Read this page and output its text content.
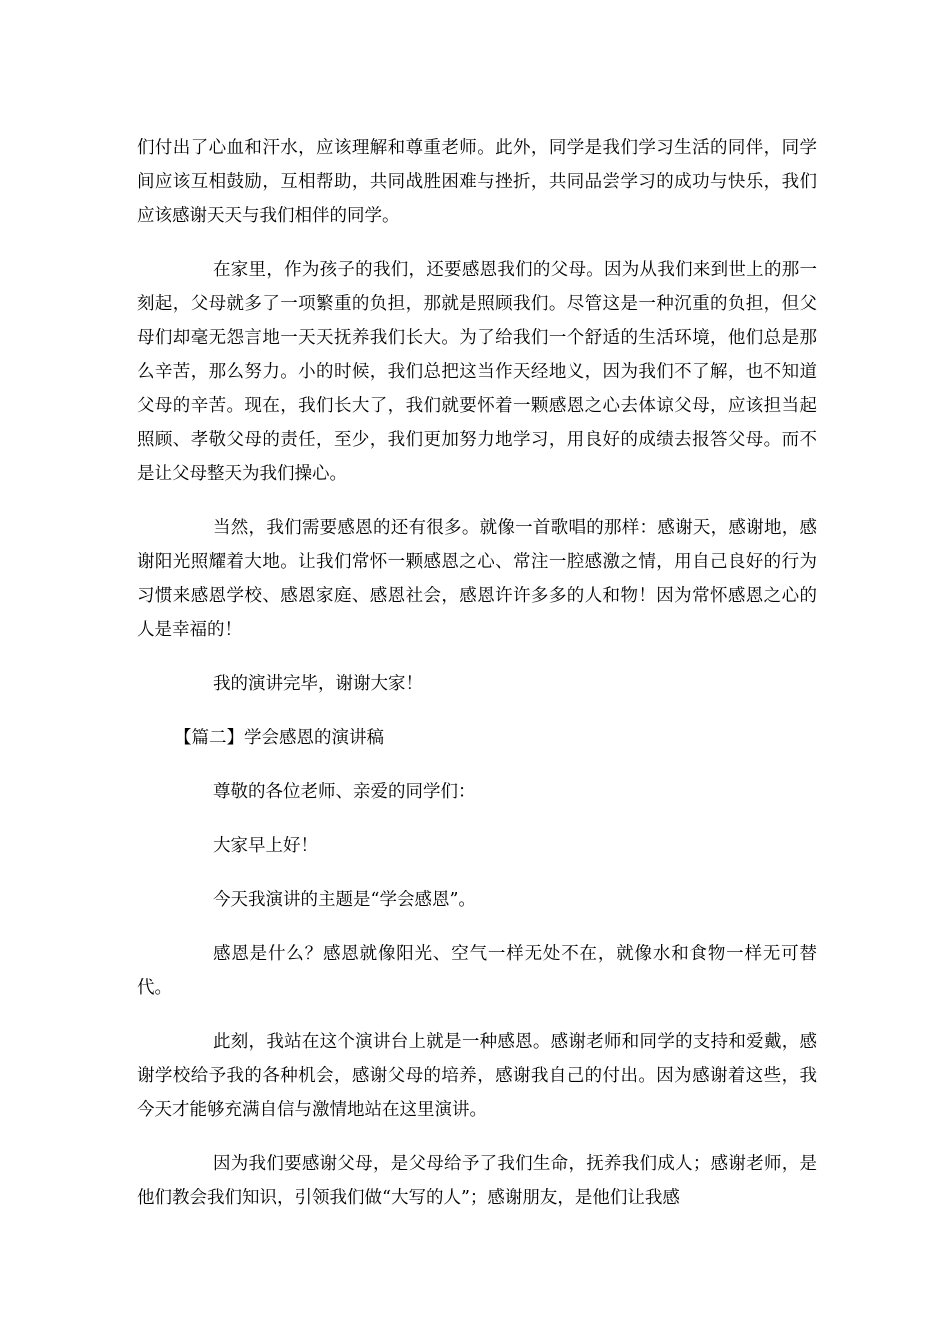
们付出了心血和汗水，应该理解和尊重老师。此外，同学是我们学习生活的同伴，同学间应该互相鼓励，互相帮助，共同战胜困难与挫折，共同品尝学习的成功与快乐，我们应该感谢天天与我们相伴的同学。

在家里，作为孩子的我们，还要感恩我们的父母。因为从我们来到世上的那一刻起，父母就多了一项繁重的负担，那就是照顾我们。尽管这是一种沉重的负担，但父母们却毫无怨言地一天天抚养我们长大。为了给我们一个舒适的生活环境，他们总是那么辛苦，那么努力。小的时候，我们总把这当作天经地义，因为我们不了解，也不知道父母的辛苦。现在，我们长大了，我们就要怀着一颗感恩之心去体谅父母，应该担当起照顾、孝敬父母的责任，至少，我们更加努力地学习，用良好的成绩去报答父母。而不是让父母整天为我们操心。

当然，我们需要感恩的还有很多。就像一首歌唱的那样：感谢天，感谢地，感谢阳光照耀着大地。让我们常怀一颗感恩之心、常注一腔感激之情，用自己良好的行为习惯来感恩学校、感恩家庭、感恩社会，感恩许许多多的人和物！因为常怀感恩之心的人是幸福的！

我的演讲完毕，谢谢大家！

【篇二】学会感恩的演讲稿

尊敬的各位老师、亲爱的同学们：

大家早上好！

今天我演讲的主题是“学会感恩”。

感恩是什么？感恩就像阳光、空气一样无处不在，就像水和食物一样无可替代。

此刻，我站在这个演讲台上就是一种感恩。感谢老师和同学的支持和爱戴，感谢学校给予我的各种机会，感谢父母的培养，感谢我自己的付出。因为感谢着这些，我今天才能够充满自信与激情地站在这里演讲。

因为我们要感谢父母，是父母给予了我们生命，抚养我们成人；感谢老师，是他们教会我们知识，引领我们做“大写的人”；感谢朋友，是他们让我感
